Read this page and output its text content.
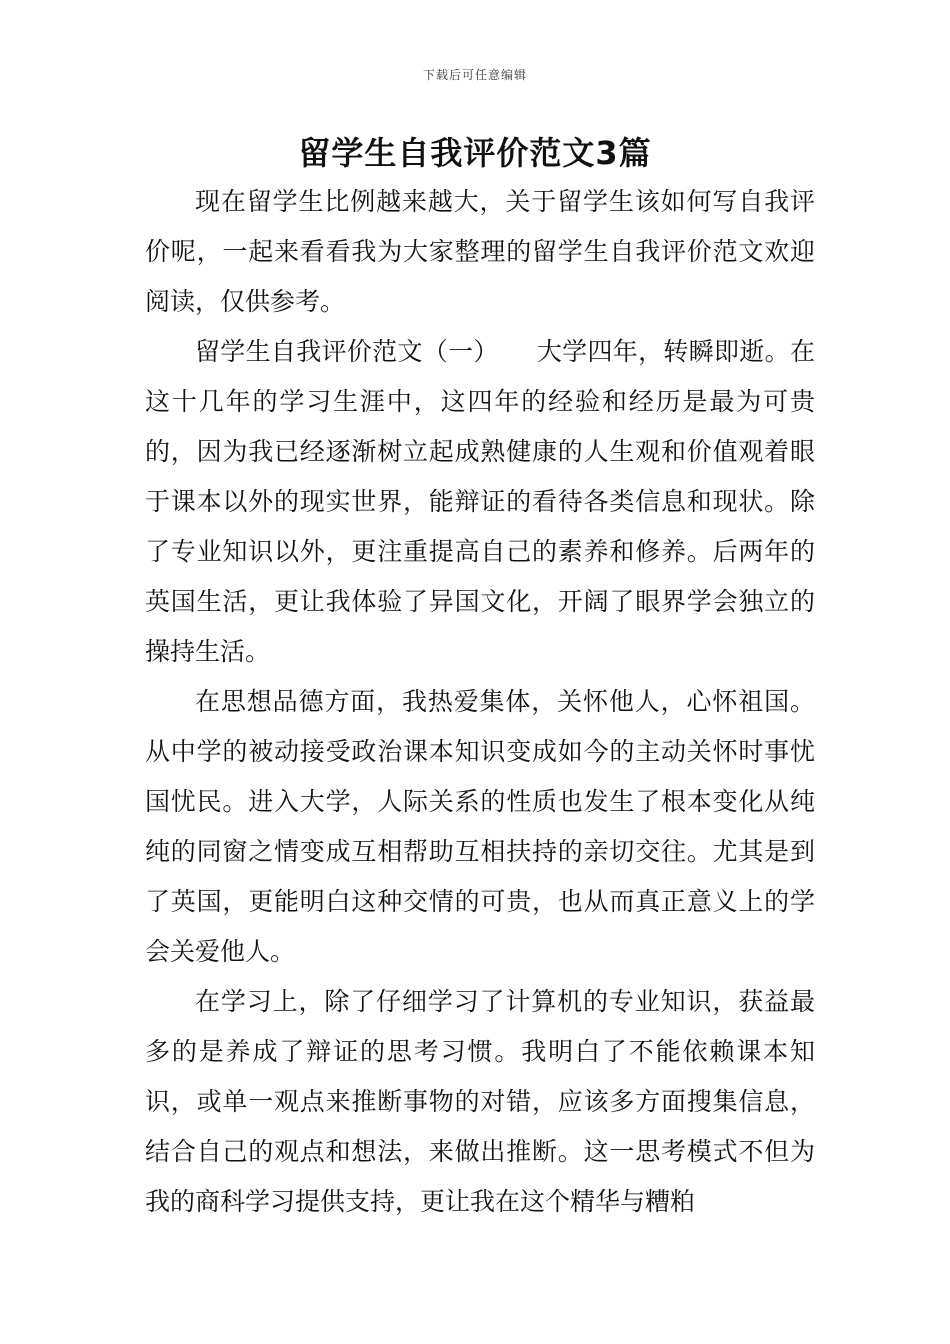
下载后可任意编辑
留学生自我评价范文3篇

现在留学生比例越来越大，关于留学生该如何写自我评价呢，一起来看看我为大家整理的留学生自我评价范文欢迎阅读，仅供参考。

留学生自我评价范文（一）　　大学四年，转瞬即逝。在这十几年的学习生涯中，这四年的经验和经历是最为可贵的，因为我已经逐渐树立起成熟健康的人生观和价值观着眼于课本以外的现实世界，能辩证的看待各类信息和现状。除了专业知识以外，更注重提高自己的素养和修养。后两年的英国生活，更让我体验了异国文化，开阔了眼界学会独立的操持生活。

在思想品德方面，我热爱集体，关怀他人，心怀祖国。从中学的被动接受政治课本知识变成如今的主动关怀时事忧国忧民。进入大学，人际关系的性质也发生了根本变化从纯纯的同窗之情变成互相帮助互相扶持的亲切交往。尤其是到了英国，更能明白这种交情的可贵，也从而真正意义上的学会关爱他人。

在学习上，除了仔细学习了计算机的专业知识，获益最多的是养成了辩证的思考习惯。我明白了不能依赖课本知识，或单一观点来推断事物的对错，应该多方面搜集信息，结合自己的观点和想法，来做出推断。这一思考模式不但为我的商科学习提供支持，更让我在这个精华与糟粕
